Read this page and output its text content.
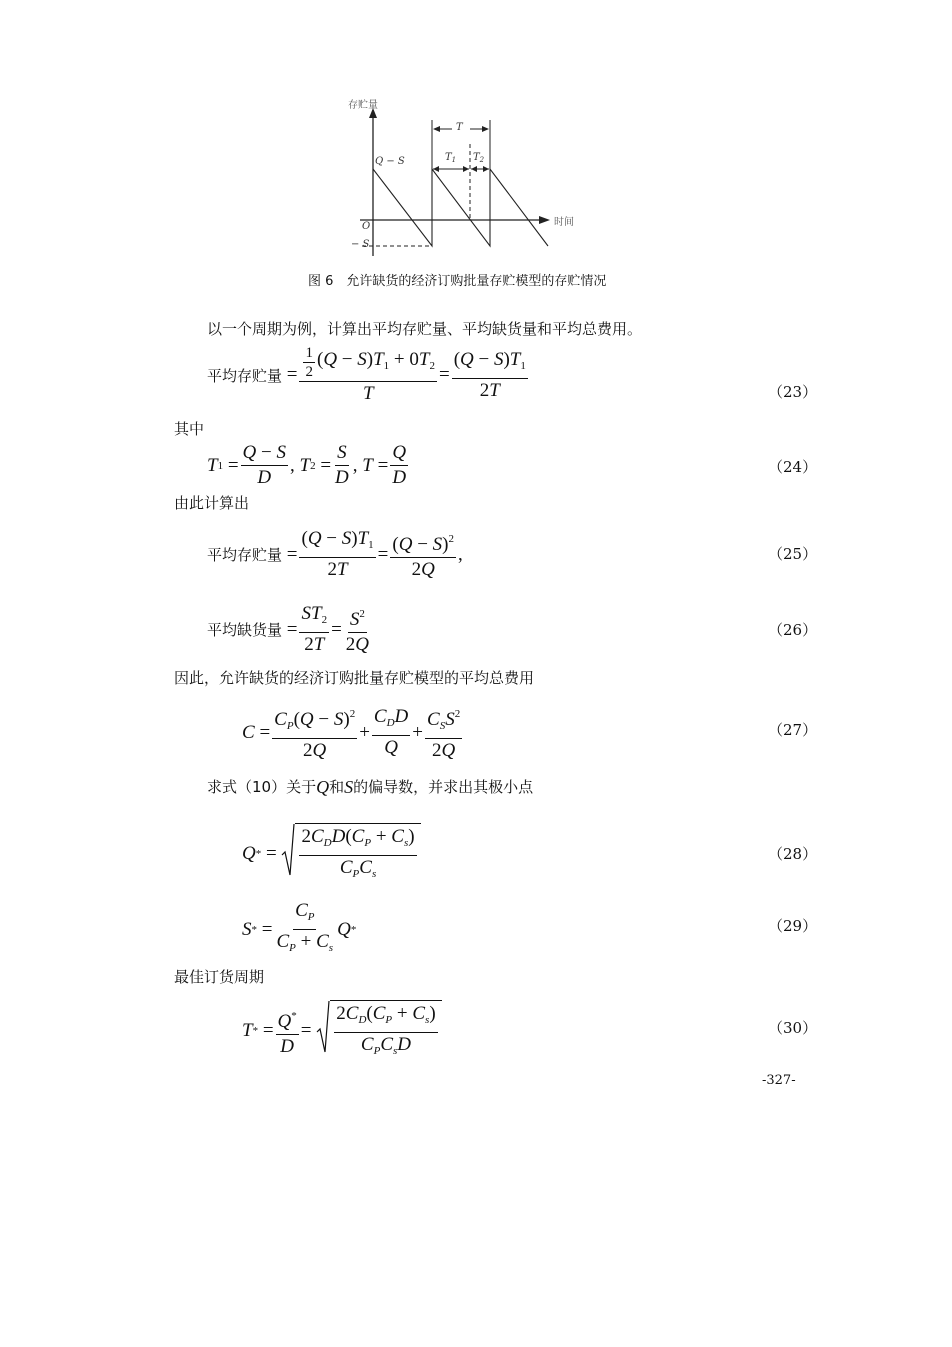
存贮量
时间
T
$T_1$ $T_2$
Q − S
O
− S
图 6　允许缺货的经济订购批量存贮模型的存贮情况
以一个周期为例，计算出平均存贮量、平均缺货量和平均总费用。
平均存贮量 = $\frac{\frac{1}{2} (Q - S)T_1 + 0T_2}{T} = \frac{(Q - S)T_1}{2T}$	（23）
其中
T $1 = \frac{Q - S}{D}$ , T $2 = \frac{S}{D}$ , $T = \frac{Q}{D}$	（24）
由此计算出
平均存贮量 = $\frac{(Q - S)T_1}{2T} = \frac{(Q - S)^2}{2Q}$ ,	（25）
平均缺货量 = $\frac{ST_2}{2T} = \frac{S^2}{2Q}$	（26）
因此，允许缺货的经济订购批量存贮模型的平均总费用
$C = \frac{C_P(Q - S)^2}{2Q} + \frac{C_DD}{Q} + \frac{C_SS^2}{2Q}$	（27）
求式（10）关于 Q 和 S 的偏导数，并求出其极小点
Q * = $\frac{2C_DD(C_P + C_s)}{C_PC_s}$	（28）
S * = $\frac{C_P}{C_P + C_s}$ Q *	（29）
最佳订货周期
T * = $\frac{Q^*}{D} = \frac{2C_D(C_P + C_s)}{C_PC_sD}$	（30）
-327-
